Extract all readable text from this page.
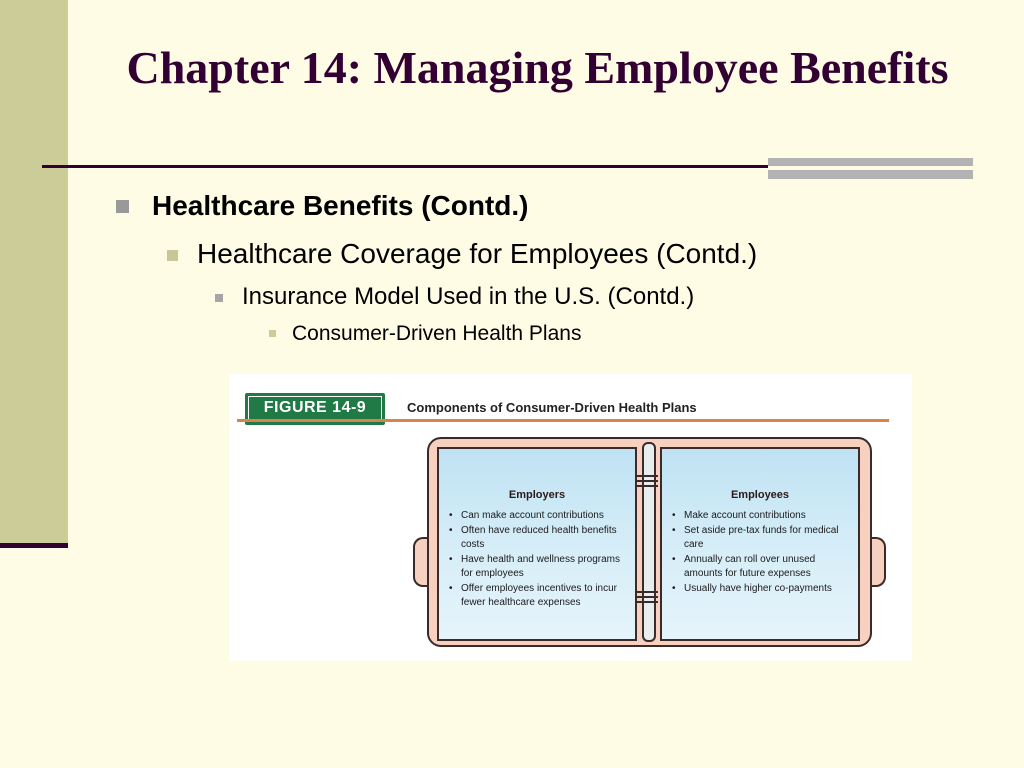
Chapter 14: Managing Employee Benefits
Healthcare Benefits (Contd.)
Healthcare Coverage for Employees (Contd.)
Insurance Model Used in the U.S. (Contd.)
Consumer-Driven Health Plans
FIGURE 14-9	Components of Consumer-Driven Health Plans
Employers
• Can make account contributions
• Often have reduced health benefits costs
• Have health and wellness programs for employees
• Offer employees incentives to incur fewer healthcare expenses
Employees
• Make account contributions
• Set aside pre-tax funds for medical care
• Annually can roll over unused amounts for future expenses
• Usually have higher co-payments
